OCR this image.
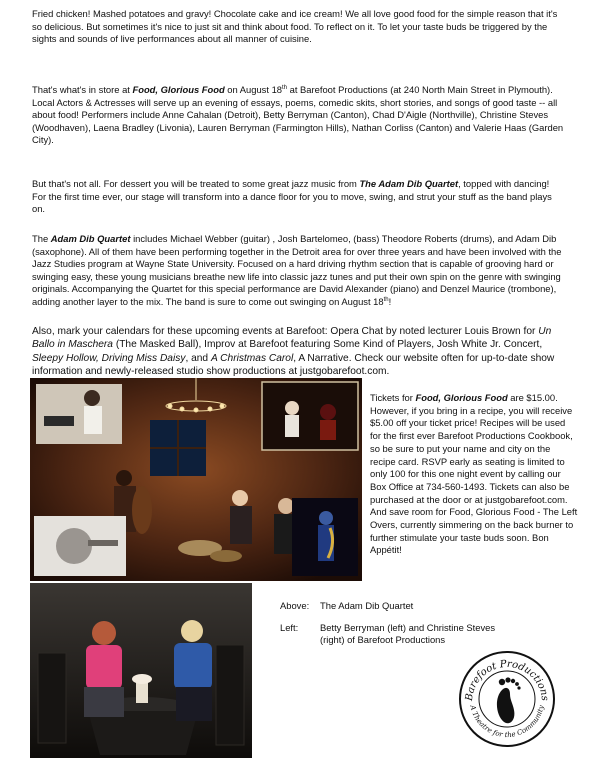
Fried chicken! Mashed potatoes and gravy! Chocolate cake and ice cream! We all love good food for the simple reason that it's so delicious. But sometimes it's nice to just sit and think about food. To reflect on it. To let your taste buds be triggered by the sights and sounds of live performances about all manner of cuisine.

That's what's in store at Food, Glorious Food on August 18th at Barefoot Productions (at 240 North Main Street in Plymouth). Local Actors & Actresses will serve up an evening of essays, poems, comedic skits, short stories, and songs of good taste -- all about food! Performers include Anne Cahalan (Detroit), Betty Berryman (Canton), Chad D'Aigle (Northville), Christine Steves (Woodhaven), Laena Bradley (Livonia), Lauren Berryman (Farmington Hills), Nathan Corliss (Canton) and Valerie Haas (Garden City).

But that's not all. For dessert you will be treated to some great jazz music from The Adam Dib Quartet, topped with dancing! For the first time ever, our stage will transform into a dance floor for you to move, swing, and strut your stuff as the band plays on.

The Adam Dib Quartet includes Michael Webber (guitar) , Josh Bartelomeo, (bass) Theodore Roberts (drums), and Adam Dib (saxophone). All of them have been performing together in the Detroit area for over three years and have been involved with the Jazz Studies program at Wayne State University. Focused on a hard driving rhythm section that is capable of grooving hard or swinging easy, these young musicians breathe new life into classic jazz tunes and put their own spin on the genre with swinging originals. Accompanying the Quartet for this special performance are David Alexander (piano) and Denzel Maurice (trombone), adding another layer to the mix. The band is sure to come out swinging on August 18th!

Also, mark your calendars for these upcoming events at Barefoot: Opera Chat by noted lecturer Louis Brown for Un Ballo in Maschera (The Masked Ball), Improv at Barefoot featuring Some Kind of Players, Josh White Jr. Concert, Sleepy Hollow, Driving Miss Daisy, and A Christmas Carol, A Narrative. Check our website often for up-to-date show information and newly-released studio show productions at justgobarefoot.com.

Tickets for Food, Glorious Food are $15.00. However, if you bring in a recipe, you will receive $5.00 off your ticket price! Recipes will be used for the first ever Barefoot Productions Cookbook, so be sure to put your name and city on the recipe card. RSVP early as seating is limited to only 100 for this one night event by calling our Box Office at 734-560-1493. Tickets can also be purchased at the door or at justgobarefoot.com. And save room for Food, Glorious Food - The Left Overs, currently simmering on the back burner to further stimulate your taste buds soon. Bon Appétit!

Above:	The Adam Dib Quartet
Left:	Betty Berryman (left) and Christine Steves (right) of Barefoot Productions
Barefoot Productions
A Theatre for the Community
